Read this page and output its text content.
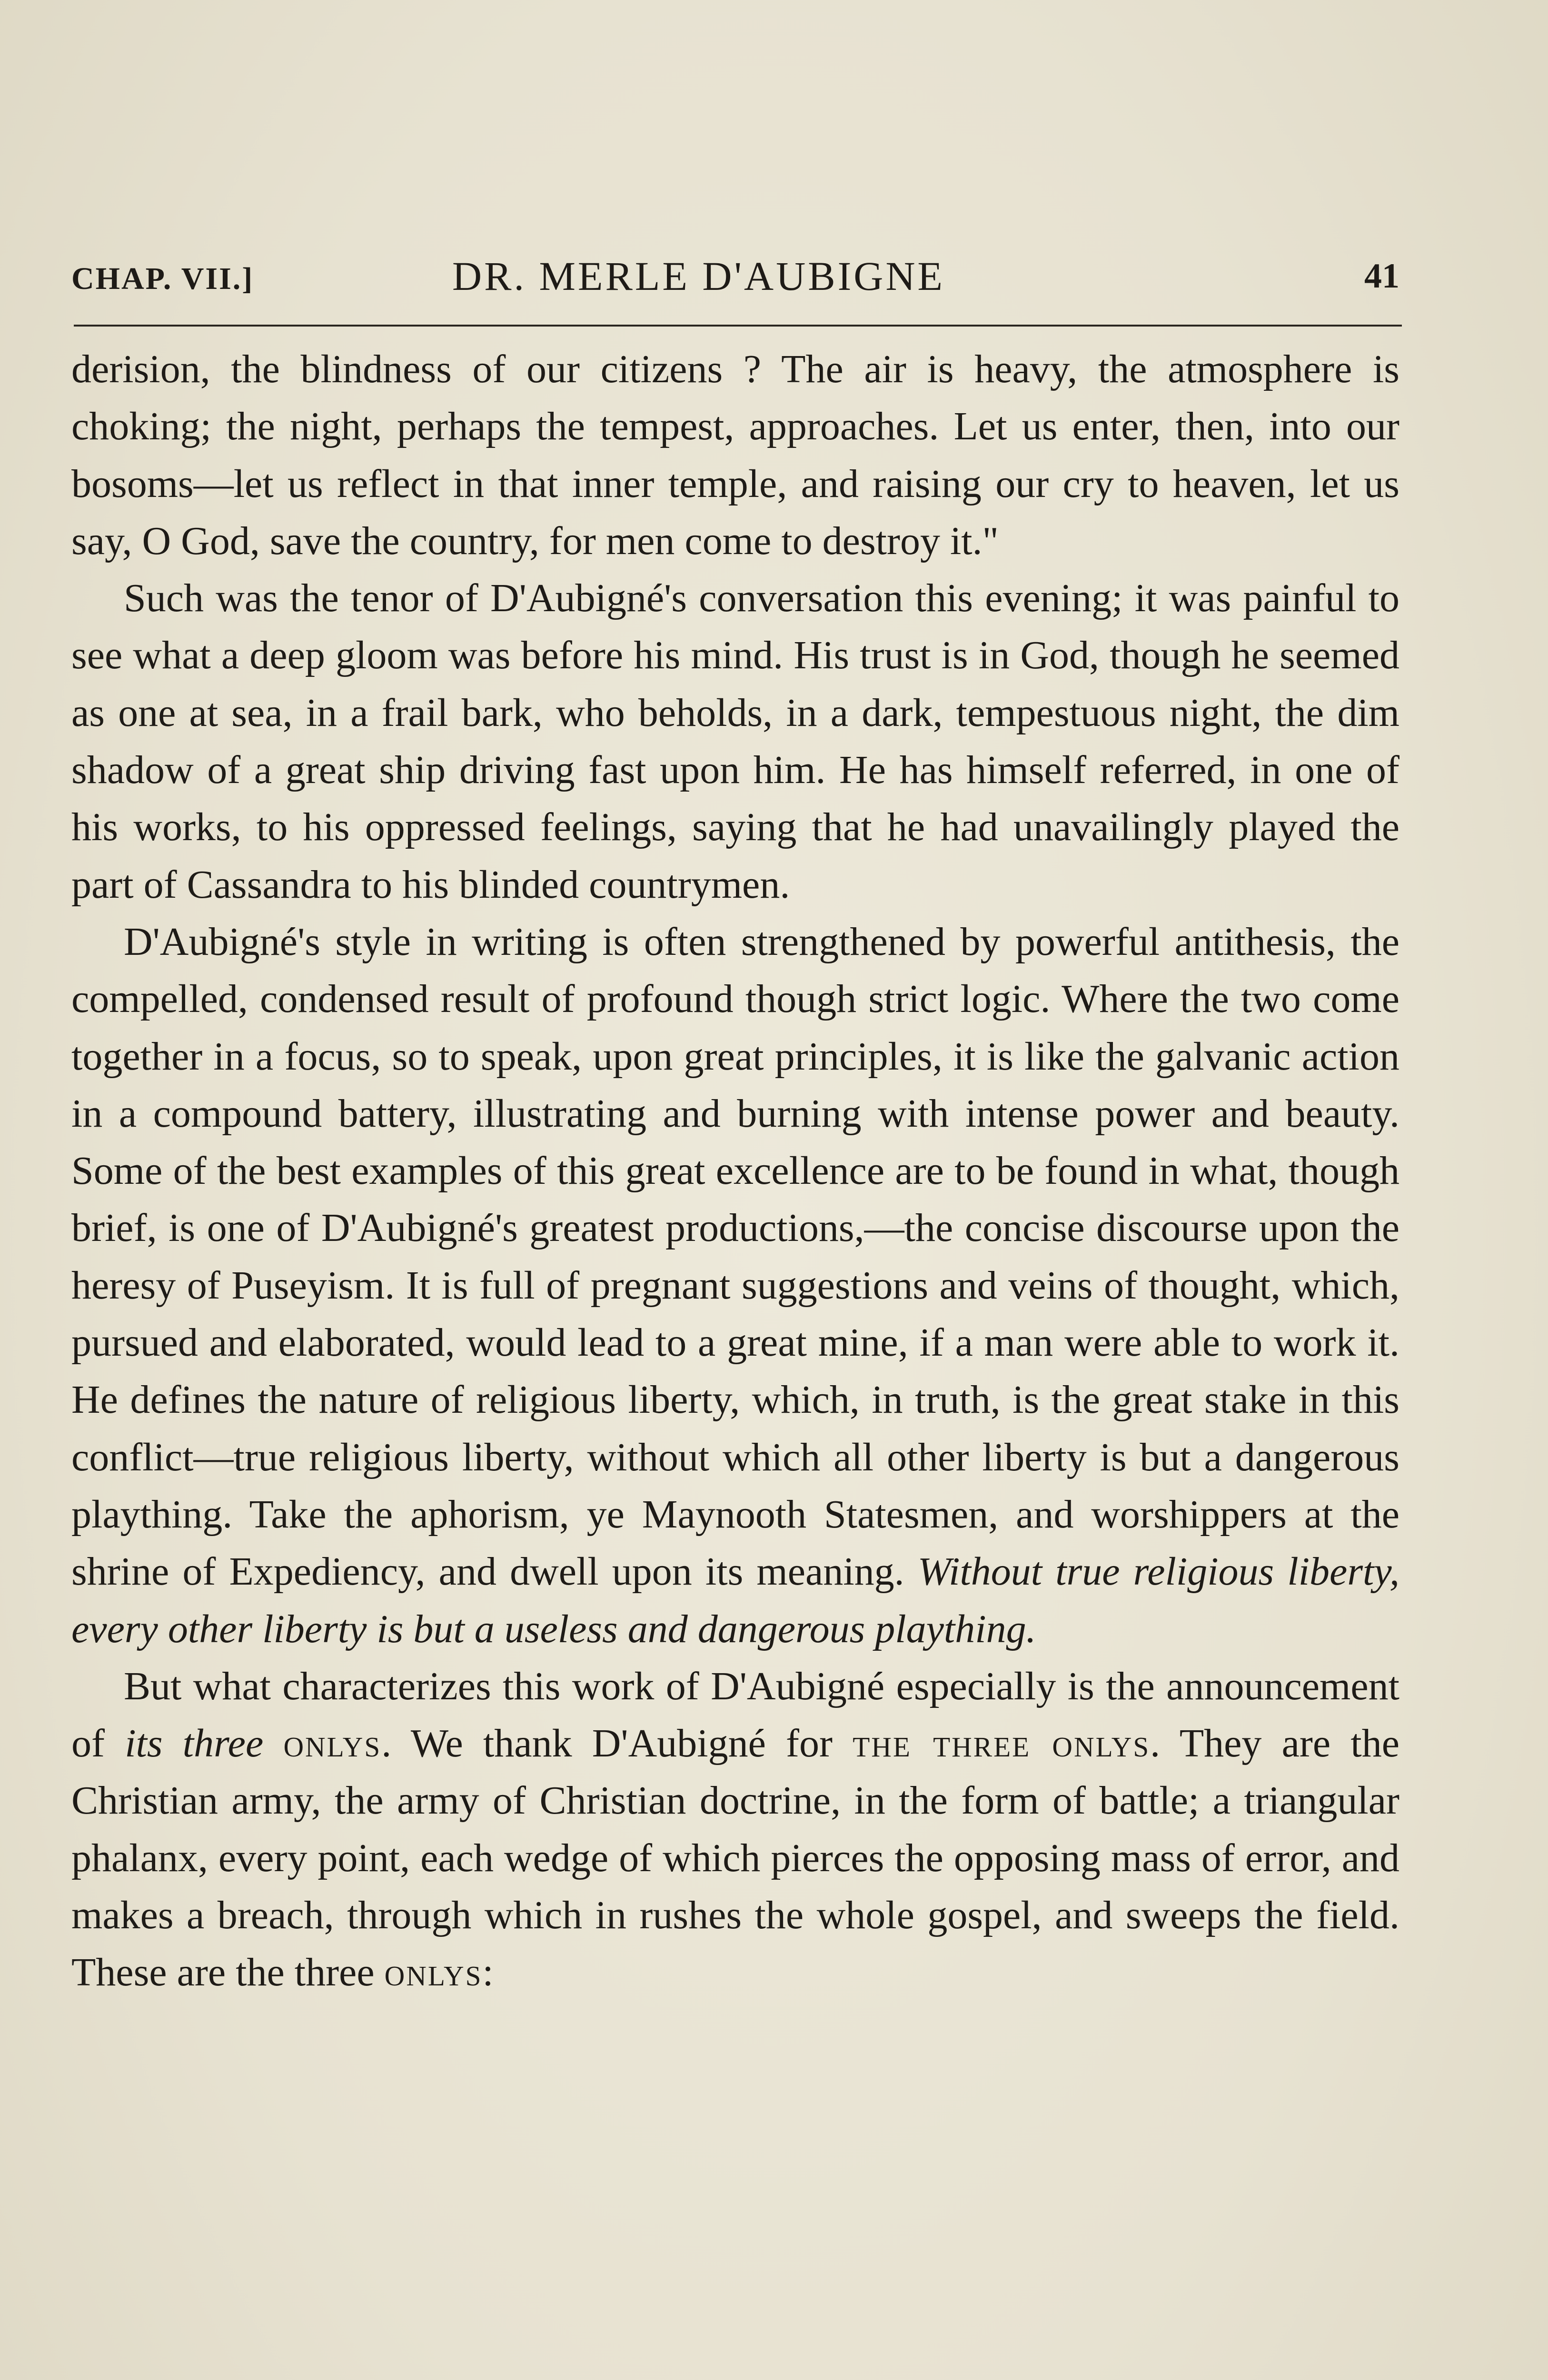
CHAP. VII.]	DR. MERLE D'AUBIGNE	41

derision, the blindness of our citizens ? The air is heavy, the atmosphere is choking; the night, perhaps the tempest, approaches. Let us enter, then, into our bosoms—let us reflect in that inner temple, and raising our cry to heaven, let us say, O God, save the country, for men come to destroy it."

Such was the tenor of D'Aubigné's conversation this evening; it was painful to see what a deep gloom was before his mind. His trust is in God, though he seemed as one at sea, in a frail bark, who beholds, in a dark, tempestuous night, the dim shadow of a great ship driving fast upon him. He has himself referred, in one of his works, to his oppressed feelings, saying that he had unavailingly played the part of Cassandra to his blinded countrymen.

D'Aubigné's style in writing is often strengthened by powerful antithesis, the compelled, condensed result of profound though strict logic. Where the two come together in a focus, so to speak, upon great principles, it is like the galvanic action in a compound battery, illustrating and burning with intense power and beauty. Some of the best examples of this great excellence are to be found in what, though brief, is one of D'Aubigné's greatest productions,—the concise discourse upon the heresy of Puseyism. It is full of pregnant suggestions and veins of thought, which, pursued and elaborated, would lead to a great mine, if a man were able to work it. He defines the nature of religious liberty, which, in truth, is the great stake in this conflict—true religious liberty, without which all other liberty is but a dangerous plaything. Take the aphorism, ye Maynooth Statesmen, and worshippers at the shrine of Expediency, and dwell upon its meaning. Without true religious liberty, every other liberty is but a useless and dangerous plaything.

But what characterizes this work of D'Aubigné especially is the announcement of its three onlys. We thank D'Aubigné for the three onlys. They are the Christian army, the army of Christian doctrine, in the form of battle; a triangular phalanx, every point, each wedge of which pierces the opposing mass of error, and makes a breach, through which in rushes the whole gospel, and sweeps the field. These are the three onlys:
